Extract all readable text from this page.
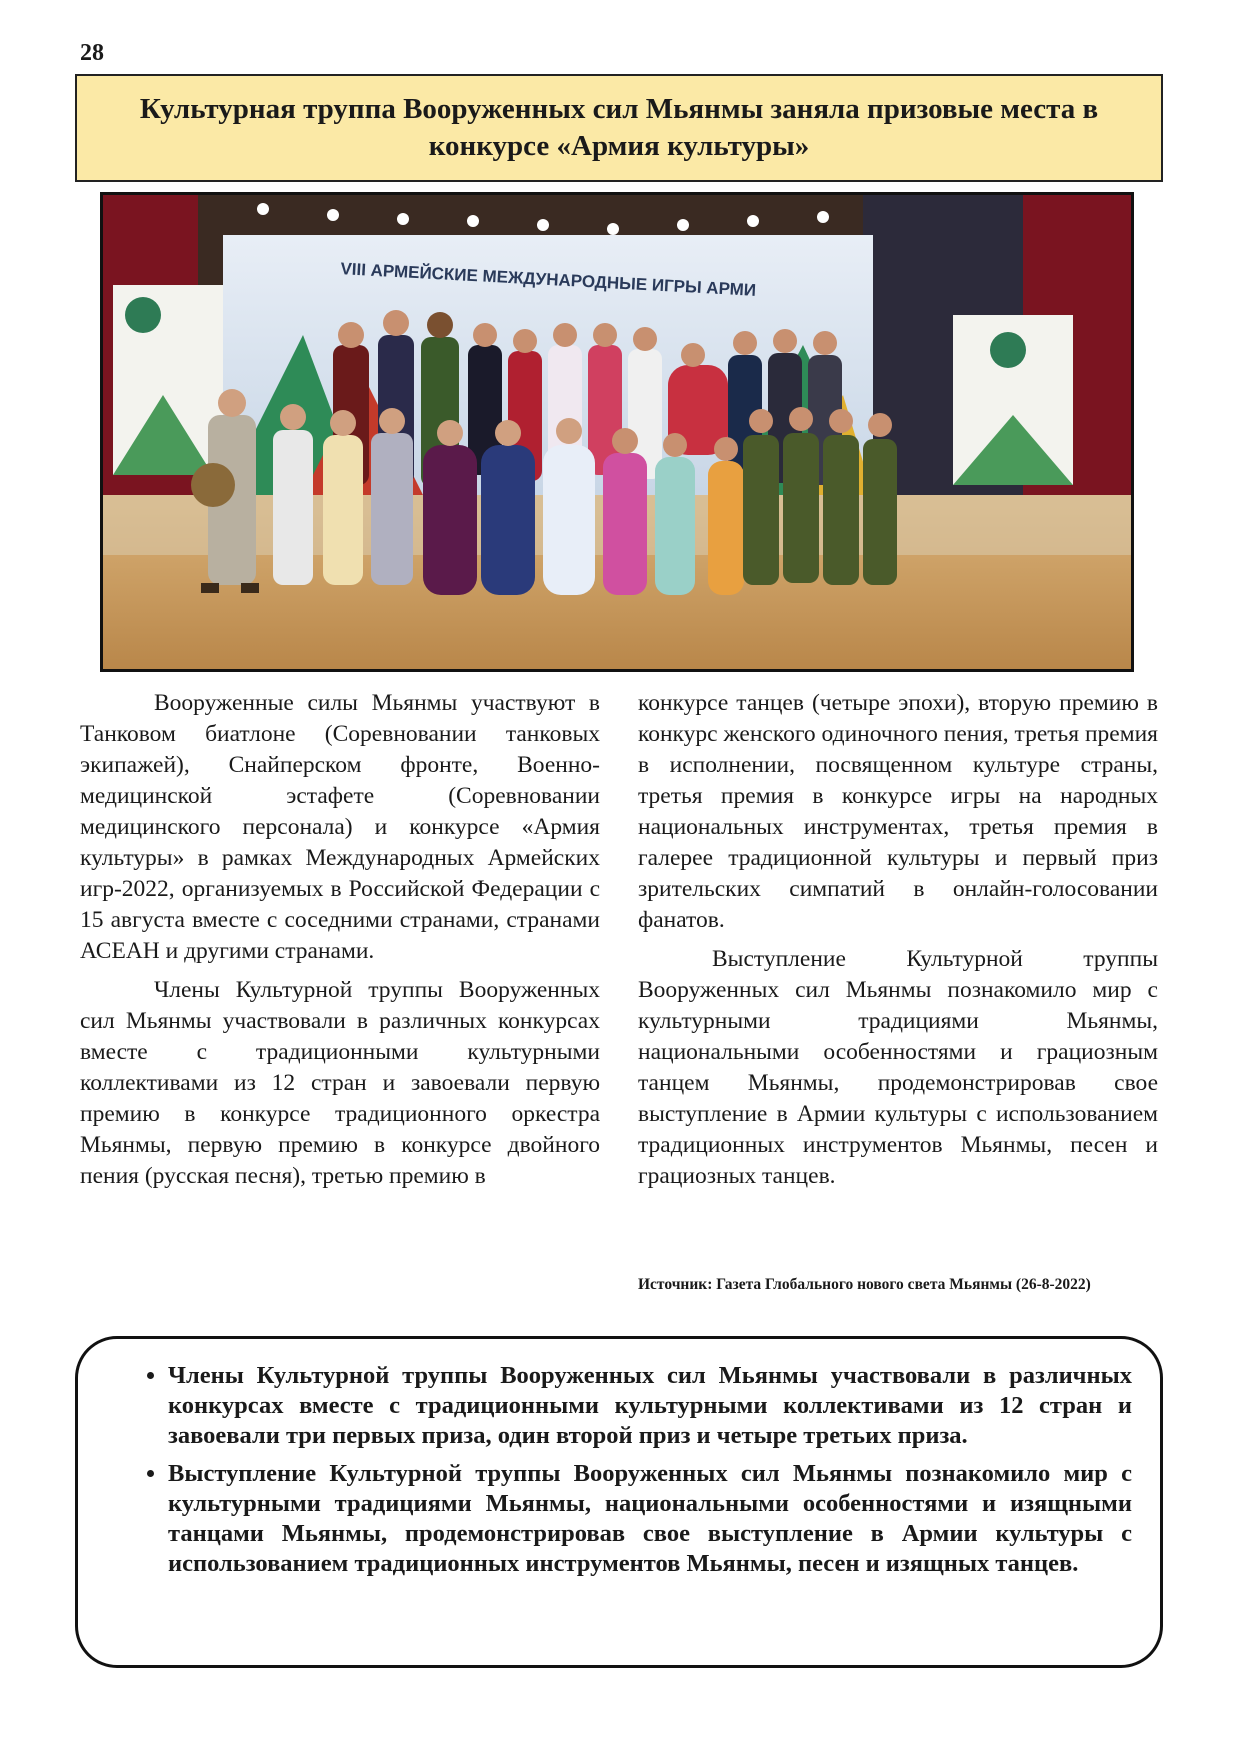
28
Культурная труппа Вооруженных сил Мьянмы заняла призовые места в конкурсе «Армия культуры»
VIII АРМЕЙСКИЕ МЕЖДУНАРОДНЫЕ ИГРЫ АРМИ

Вооруженные силы Мьянмы участвуют в Танковом биатлоне (Соревновании танковых экипажей), Снайперском фронте, Военно-медицинской эстафете (Соревновании медицинского персонала) и конкурсе «Армия культуры» в рамках Международных Армейских игр-2022, организуемых в Российской Федерации с 15 августа вместе с соседними странами, странами АСЕАН и другими странами.

Члены Культурной труппы Вооруженных сил Мьянмы участвовали в различных конкурсах вместе с традиционными культурными коллективами из 12 стран и завоевали первую премию в конкурсе традиционного оркестра Мьянмы, первую премию в конкурсе двойного пения (русская песня), третью премию в

конкурсе танцев (четыре эпохи), вторую премию в конкурс женского одиночного пения, третья премия в исполнении, посвященном культуре страны, третья премия в конкурсе игры на народных национальных инструментах, третья премия в галерее традиционной культуры и первый приз зрительских симпатий в онлайн-голосовании фанатов.

Выступление Культурной труппы Вооруженных сил Мьянмы познакомило мир с культурными традициями Мьянмы, национальными особенностями и грациозным танцем Мьянмы, продемонстрировав свое выступление в Армии культуры с использованием традиционных инструментов Мьянмы, песен и грациозных танцев.

Источник: Газета Глобального нового света Мьянмы (26-8-2022)
• Члены Культурной труппы Вооруженных сил Мьянмы участвовали в различных конкурсах вместе с традиционными культурными коллективами из 12 стран и завоевали три первых приза, один второй приз и четыре третьих приза.
• Выступление Культурной труппы Вооруженных сил Мьянмы познакомило мир с культурными традициями Мьянмы, национальными особенностями и изящными танцами Мьянмы, продемонстрировав свое выступление в Армии культуры с использованием традиционных инструментов Мьянмы, песен и изящных танцев.
